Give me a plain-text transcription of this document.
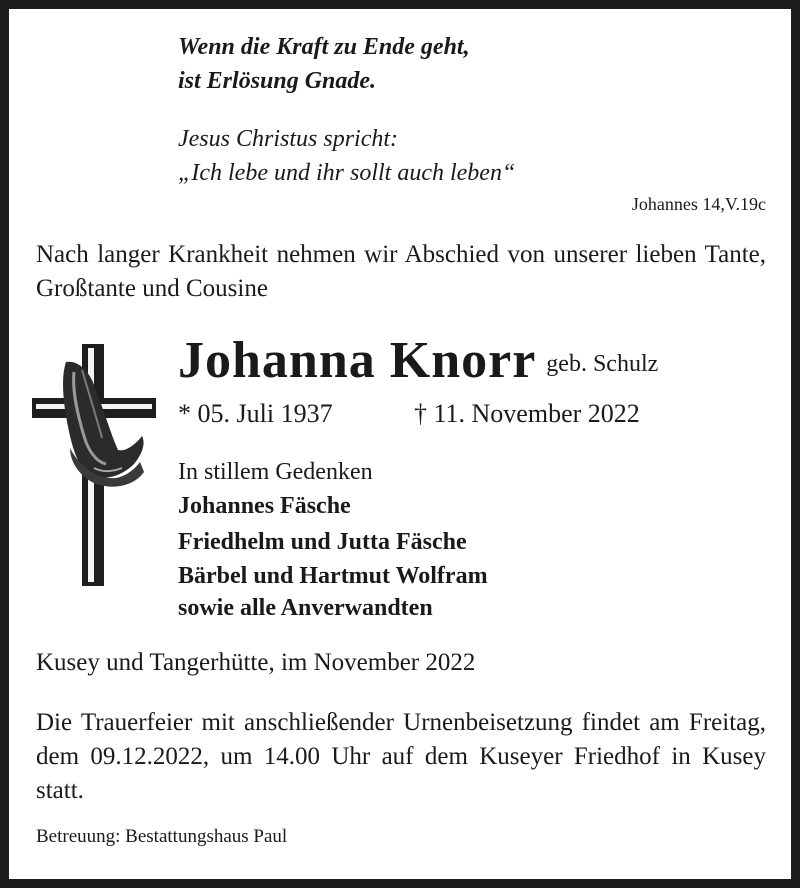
Wenn die Kraft zu Ende geht,

ist Erlösung Gnade.

Jesus Christus spricht:

„Ich lebe und ihr sollt auch leben“

Johannes 14,V.19c

Nach langer Krankheit nehmen wir Abschied von unserer lieben Tante, Großtante und Cousine

Johanna Knorr geb. Schulz

* 05. Juli 1937	† 11. November 2022

In stillem Gedenken

Johannes Fäsche

Friedhelm und Jutta Fäsche

Bärbel und Hartmut Wolfram

sowie alle Anverwandten

Kusey und Tangerhütte, im November 2022

Die Trauerfeier mit anschließender Urnenbeisetzung findet am Freitag, dem 09.12.2022, um 14.00 Uhr auf dem Kuseyer Friedhof in Kusey statt.

Betreuung: Bestattungshaus Paul
